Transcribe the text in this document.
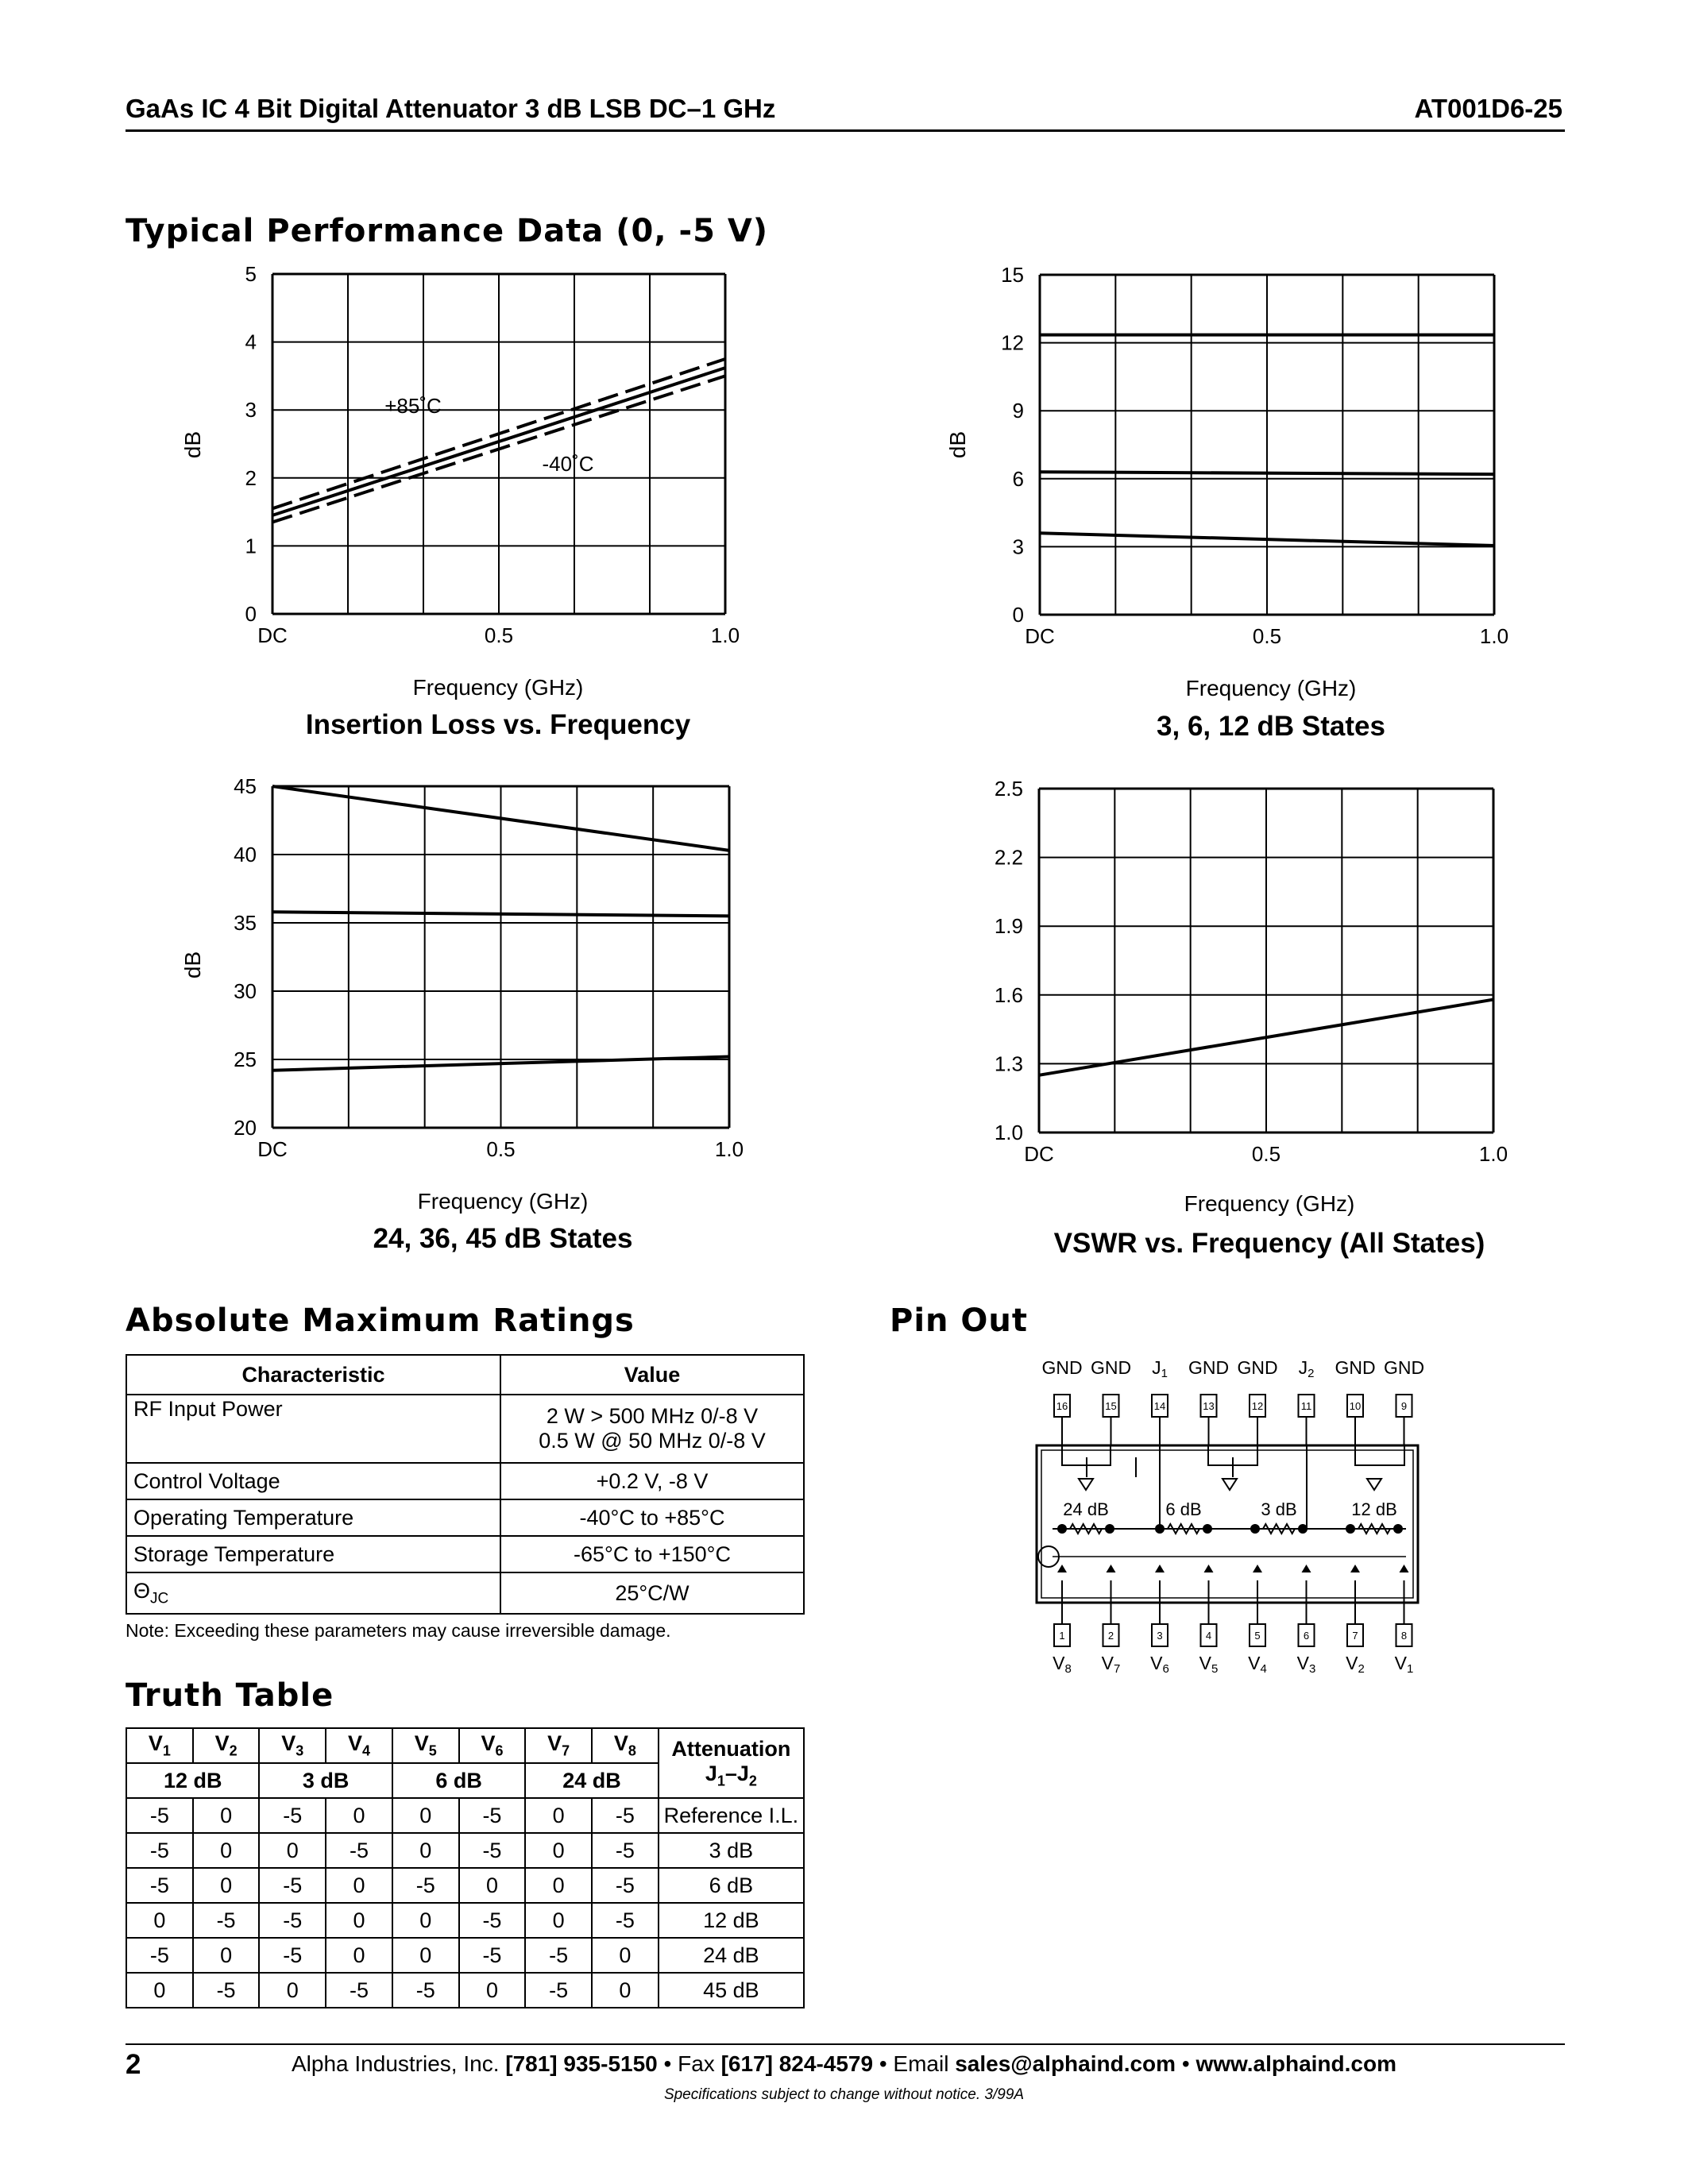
GaAs IC 4 Bit Digital Attenuator 3 dB LSB DC–1 GHz	AT001D6-25
Typical Performance Data (0, -5 V)
0
1
2
3
4
5
DC	0.5	1.0
dB
+85˚C
-40˚C
Frequency (GHz)
Insertion Loss vs. Frequency
0
3
6
9
12
15
DC	0.5	1.0
dB
Frequency (GHz)
3, 6, 12 dB States
20
25
30
35
40
45
DC	0.5	1.0
dB
Frequency (GHz)
24, 36, 45 dB States
1.0
1.3
1.6
1.9
2.2
2.5
DC	0.5	1.0
Frequency (GHz)
VSWR vs. Frequency (All States)
Absolute Maximum Ratings
Characteristic	Value
RF Input Power	2 W > 500 MHz 0/-8 V
0.5 W @ 50 MHz 0/-8 V

Control Voltage	+0.2 V, -8 V
Operating Temperature	-40°C to +85°C
Storage Temperature	-65°C to +150°C
$\Theta_{JC}$	25°C/W
Note: Exceeding these parameters may cause irreversible damage.
Truth Table
$V_1$	$V_2$	$V_3$	$V_4$	$V_5$	$V_6$	$V_7$	$V_8$	Attenuation
$J_1-J_2$

12 dB		3 dB		6 dB		24 dB		
-5	0	-5	0	0	-5	0	-5	Reference I.L.
-5	0	0	-5	0	-5	0	-5	3 dB
-5	0	-5	0	-5	0	0	-5	6 dB
0	-5	-5	0	0	-5	0	-5	12 dB
-5	0	-5	0	0	-5	-5	0	24 dB
0	-5	0	-5	-5	0	-5	0	45 dB
Pin Out
GND
16
1
V8
GND
15
2
V7
J1
14
3
V6
GND
13
4
V5
GND
12
5
V4
J2
11
6
V3
GND
10
7
V2
GND
9
8
V1
24 dB	6 dB	3 dB	12 dB
2	Alpha Industries, Inc. [781] 935-5150 • Fax [617] 824-4579 • Email sales@alphaind.com • www.alphaind.com
Specifications subject to change without notice. 3/99A
